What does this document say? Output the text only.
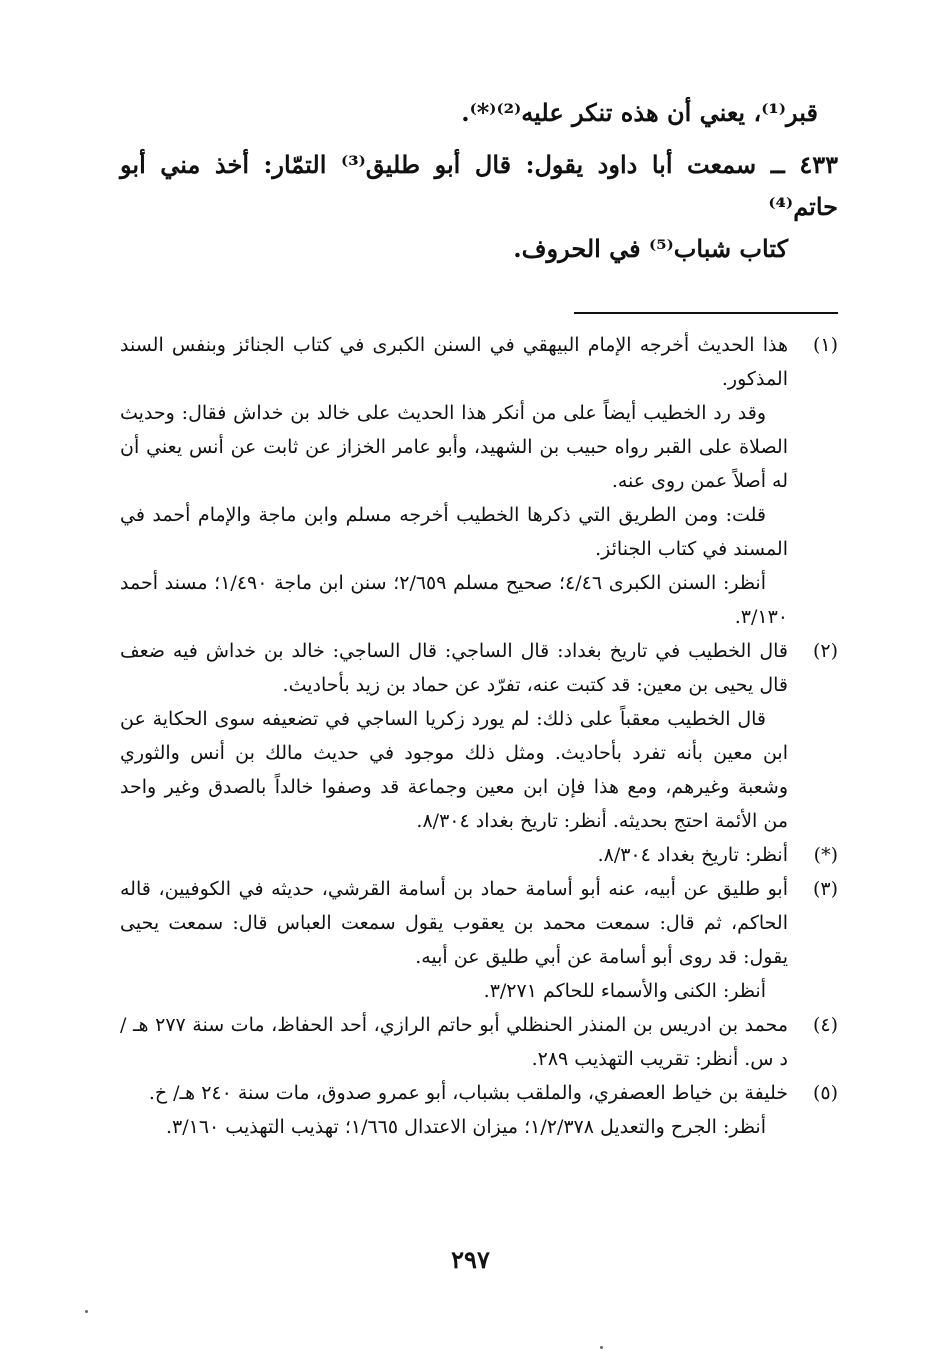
قبر⁽¹⁾، يعني أن هذه تنكر عليه⁽²⁾⁽*⁾.
٤٣٣ ــ سمعت أبا داود يقول: قال أبو طليق⁽³⁾ التمّار: أخذ مني أبو حاتم⁽⁴⁾
كتاب شباب⁽⁵⁾ في الحروف.
(١)

هذا الحديث أخرجه الإمام البيهقي في السنن الكبرى في كتاب الجنائز وبنفس السند المذكور.

وقد رد الخطيب أيضاً على من أنكر هذا الحديث على خالد بن خداش فقال: وحديث الصلاة على القبر رواه حبيب بن الشهيد، وأبو عامر الخزاز عن ثابت عن أنس يعني أن له أصلاً عمن روى عنه.

قلت: ومن الطريق التي ذكرها الخطيب أخرجه مسلم وابن ماجة والإمام أحمد في المسند في كتاب الجنائز.

أنظر: السنن الكبرى ٤/٤٦؛ صحيح مسلم ٢/٦٥٩؛ سنن ابن ماجة ١/٤٩٠؛ مسند أحمد ٣/١٣٠.

(٢)

قال الخطيب في تاريخ بغداد: قال الساجي: قال الساجي: خالد بن خداش فيه ضعف قال يحيى بن معين: قد كتبت عنه، تفرّد عن حماد بن زيد بأحاديث.

قال الخطيب معقباً على ذلك: لم يورد زكريا الساجي في تضعيفه سوى الحكاية عن ابن معين بأنه تفرد بأحاديث. ومثل ذلك موجود في حديث مالك بن أنس والثوري وشعبة وغيرهم، ومع هذا فإن ابن معين وجماعة قد وصفوا خالداً بالصدق وغير واحد من الأئمة احتج بحديثه. أنظر: تاريخ بغداد ٨/٣٠٤.

(*)

أنظر: تاريخ بغداد ٨/٣٠٤.

(٣)

أبو طليق عن أبيه، عنه أبو أسامة حماد بن أسامة القرشي، حديثه في الكوفيين، قاله الحاكم، ثم قال: سمعت محمد بن يعقوب يقول سمعت العباس قال: سمعت يحيى يقول: قد روى أبو أسامة عن أبي طليق عن أبيه.

أنظر: الكنى والأسماء للحاكم ٣/٢٧١.

(٤)

محمد بن ادريس بن المنذر الحنظلي أبو حاتم الرازي، أحد الحفاظ، مات سنة ٢٧٧ هـ / د س. أنظر: تقريب التهذيب ٢٨٩.

(٥)

خليفة بن خياط العصفري، والملقب بشباب، أبو عمرو صدوق، مات سنة ٢٤٠ هـ/ خ.

أنظر: الجرح والتعديل ١/٢/٣٧٨؛ ميزان الاعتدال ١/٦٦٥؛ تهذيب التهذيب ٣/١٦٠.

٢٩٧
